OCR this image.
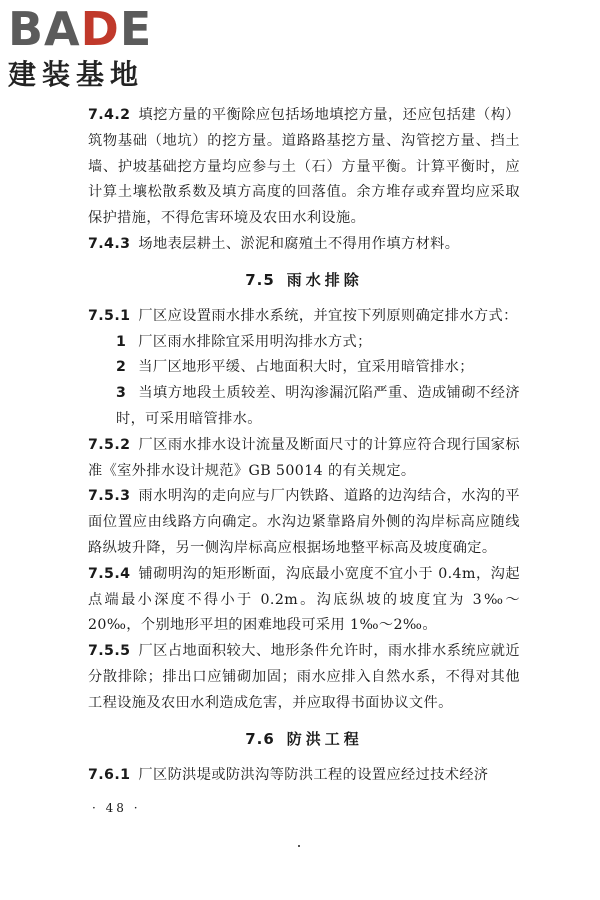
BADE
建装基地

7.4.2 填挖方量的平衡除应包括场地填挖方量，还应包括建（构）筑物基础（地坑）的挖方量。道路路基挖方量、沟管挖方量、挡土墙、护坡基础挖方量均应参与土（石）方量平衡。计算平衡时，应计算土壤松散系数及填方高度的回落值。余方堆存或弃置均应采取保护措施，不得危害环境及农田水利设施。

7.4.3 场地表层耕土、淤泥和腐殖土不得用作填方材料。

7.5 雨水排除

7.5.1 厂区应设置雨水排水系统，并宜按下列原则确定排水方式：

1 厂区雨水排除宜采用明沟排水方式；

2 当厂区地形平缓、占地面积大时，宜采用暗管排水；

3 当填方地段土质较差、明沟渗漏沉陷严重、造成铺砌不经济时，可采用暗管排水。

7.5.2 厂区雨水排水设计流量及断面尺寸的计算应符合现行国家标准《室外排水设计规范》GB 50014 的有关规定。

7.5.3 雨水明沟的走向应与厂内铁路、道路的边沟结合，水沟的平面位置应由线路方向确定。水沟边紧靠路肩外侧的沟岸标高应随线路纵坡升降，另一侧沟岸标高应根据场地整平标高及坡度确定。

7.5.4 铺砌明沟的矩形断面，沟底最小宽度不宜小于 0.4m，沟起点端最小深度不得小于 0.2m。沟底纵坡的坡度宜为 3‰～20‰，个别地形平坦的困难地段可采用 1‰～2‰。

7.5.5 厂区占地面积较大、地形条件允许时，雨水排水系统应就近分散排除；排出口应铺砌加固；雨水应排入自然水系，不得对其他工程设施及农田水利造成危害，并应取得书面协议文件。

7.6 防洪工程

7.6.1 厂区防洪堤或防洪沟等防洪工程的设置应经过技术经济

· 48 ·
